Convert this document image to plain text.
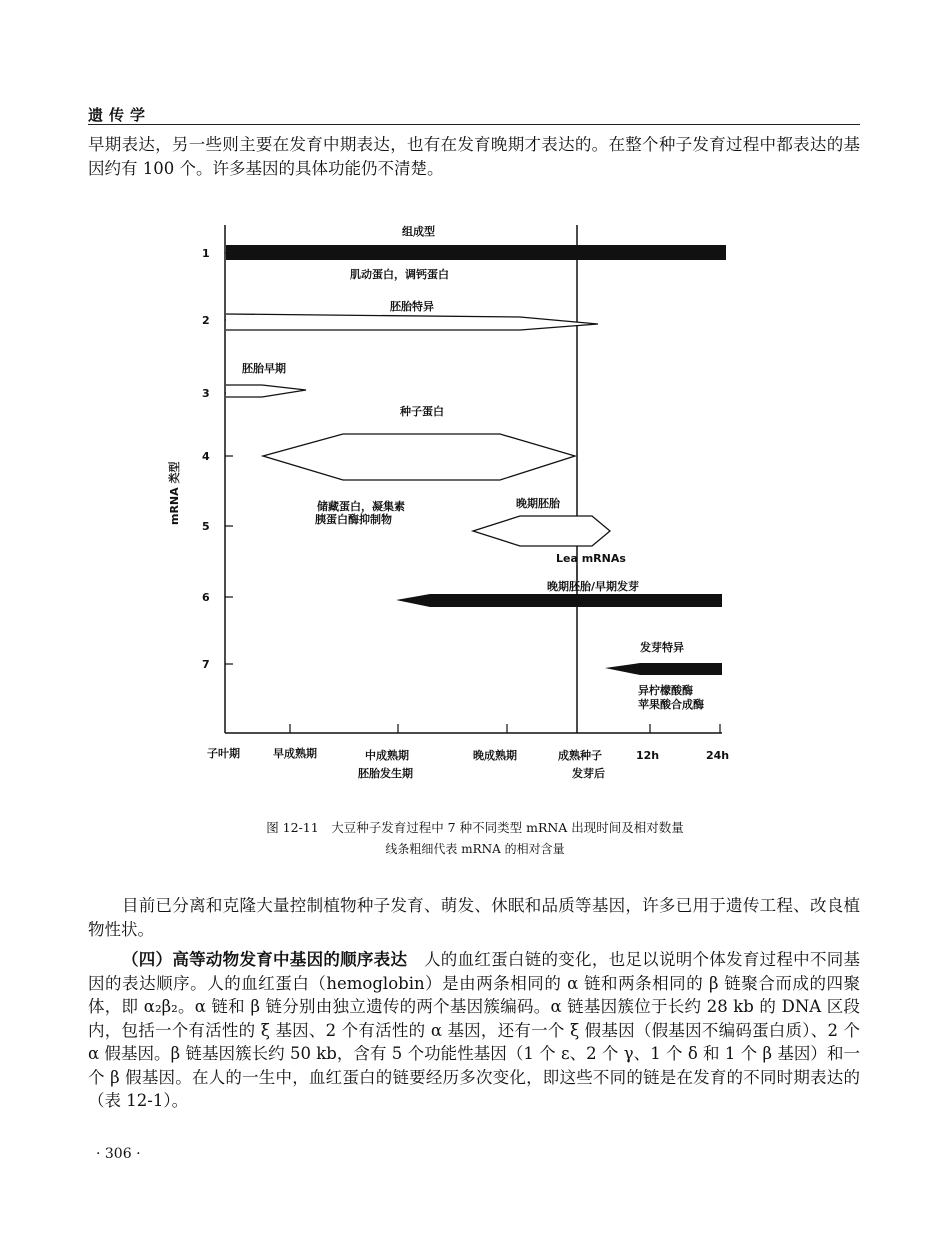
遗传学
早期表达，另一些则主要在发育中期表达，也有在发育晚期才表达的。在整个种子发育过程中都表达的基因约有 100 个。许多基因的具体功能仍不清楚。
1
2
3
4
5
6
7
mRNA 类型
子叶期	早成熟期	中成熟期
胚胎发生期
晚成熟期	成熟种子
发芽后
12h	24h
组成型
肌动蛋白，调钙蛋白
胚胎特异
胚胎早期
种子蛋白
储藏蛋白，凝集素 胰蛋白酶抑制物
晚期胚胎
Lea mRNAs
晚期胚胎/早期发芽
发芽特异
异柠檬酸酶 苹果酸合成酶
图 12-11　大豆种子发育过程中 7 种不同类型 mRNA 出现时间及相对数量
线条粗细代表 mRNA 的相对含量
目前已分离和克隆大量控制植物种子发育、萌发、休眠和品质等基因，许多已用于遗传工程、改良植物性状。
（四）高等动物发育中基因的顺序表达　 人的血红蛋白链的变化，也足以说明个体发育过程中不同基因的表达顺序。人的血红蛋白（hemoglobin）是由两条相同的 α 链和两条相同的 β 链聚合而成的四聚体，即 α₂β₂。α 链和 β 链分别由独立遗传的两个基因簇编码。α 链基因簇位于长约 28 kb 的 DNA 区段内，包括一个有活性的 ξ 基因、2 个有活性的 α 基因，还有一个 ξ 假基因（假基因不编码蛋白质）、2 个 α 假基因。β 链基因簇长约 50 kb，含有 5 个功能性基因（1 个 ε、2 个 γ、1 个 δ 和 1 个 β 基因）和一个 β 假基因。在人的一生中，血红蛋白的链要经历多次变化，即这些不同的链是在发育的不同时期表达的（表 12-1）。
· 306 ·
